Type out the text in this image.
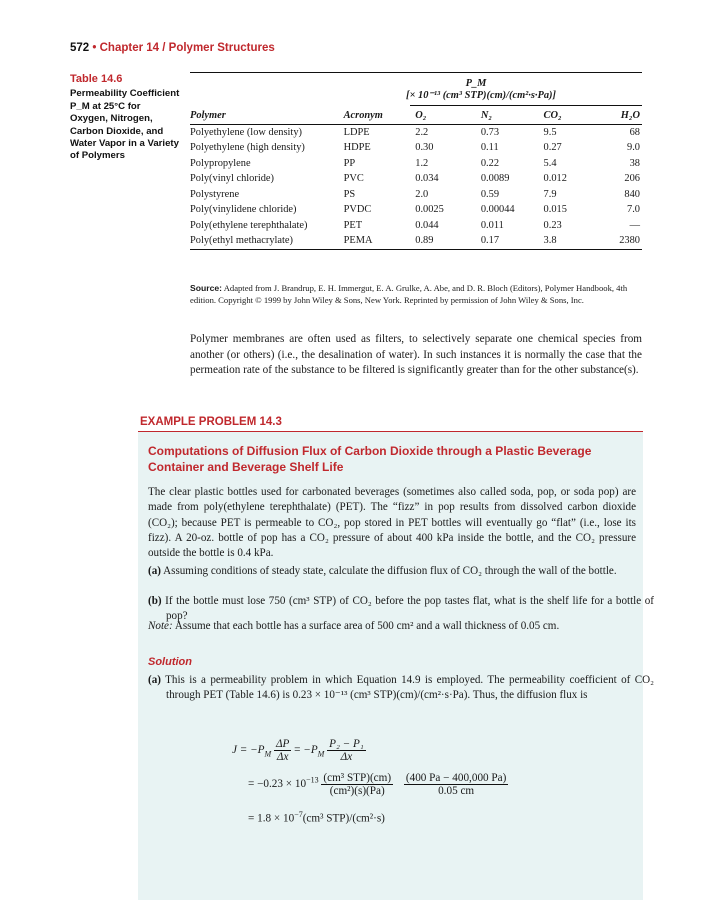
572 • Chapter 14 / Polymer Structures
Table 14.6
Permeability Coefficient P_M at 25°C for Oxygen, Nitrogen, Carbon Dioxide, and Water Vapor in a Variety of Polymers
P_M
[× 10⁻¹³ (cm³ STP)(cm)/(cm²·s·Pa)]
Polymer	Acronym	O₂	N₂	CO₂	H₂O
Polyethylene (low density)	LDPE	2.2	0.73	9.5	68
Polyethylene (high density)	HDPE	0.30	0.11	0.27	9.0
Polypropylene	PP	1.2	0.22	5.4	38
Poly(vinyl chloride)	PVC	0.034	0.0089	0.012	206
Polystyrene	PS	2.0	0.59	7.9	840
Poly(vinylidene chloride)	PVDC	0.0025	0.00044	0.015	7.0
Poly(ethylene terephthalate)	PET	0.044	0.011	0.23	—
Poly(ethyl methacrylate)	PEMA	0.89	0.17	3.8	2380
Source: Adapted from J. Brandrup, E. H. Immergut, E. A. Grulke, A. Abe, and D. R. Bloch (Editors), Polymer Handbook, 4th edition. Copyright © 1999 by John Wiley & Sons, New York. Reprinted by permission of John Wiley & Sons, Inc.
Polymer membranes are often used as filters, to selectively separate one chemical species from another (or others) (i.e., the desalination of water). In such instances it is normally the case that the permeation rate of the substance to be filtered is significantly greater than for the other substance(s).
EXAMPLE PROBLEM 14.3
Computations of Diffusion Flux of Carbon Dioxide through a Plastic Beverage Container and Beverage Shelf Life
The clear plastic bottles used for carbonated beverages (sometimes also called soda, pop, or soda pop) are made from poly(ethylene terephthalate) (PET). The “fizz” in pop results from dissolved carbon dioxide (CO₂); because PET is permeable to CO₂, pop stored in PET bottles will eventually go “flat” (i.e., lose its fizz). A 20-oz. bottle of pop has a CO₂ pressure of about 400 kPa inside the bottle, and the CO₂ pressure outside the bottle is 0.4 kPa.
(a) Assuming conditions of steady state, calculate the diffusion flux of CO₂ through the wall of the bottle.
(b) If the bottle must lose 750 (cm³ STP) of CO₂ before the pop tastes flat, what is the shelf life for a bottle of pop?
Note: Assume that each bottle has a surface area of 500 cm² and a wall thickness of 0.05 cm.
Solution
(a) This is a permeability problem in which Equation 14.9 is employed. The permeability coefficient of CO₂ through PET (Table 14.6) is 0.23 × 10⁻¹³ (cm³ STP)(cm)/(cm²·s·Pa). Thus, the diffusion flux is
$J = -P_M \frac{\Delta P}{\Delta x} = -P_M \frac{\text{P₂ − P₁}}{\Delta x}$
= $-0.23 \times 10^{-13} \frac{\text{(cm³ STP)(cm)}}{\text{(cm²)(s)(Pa)}}$
$\frac{(400 Pa - 400,000 Pa)}{0.05 cm}$
= $1.8 \times 10^{-7}(cm^3$ STP)/(cm²·s)
